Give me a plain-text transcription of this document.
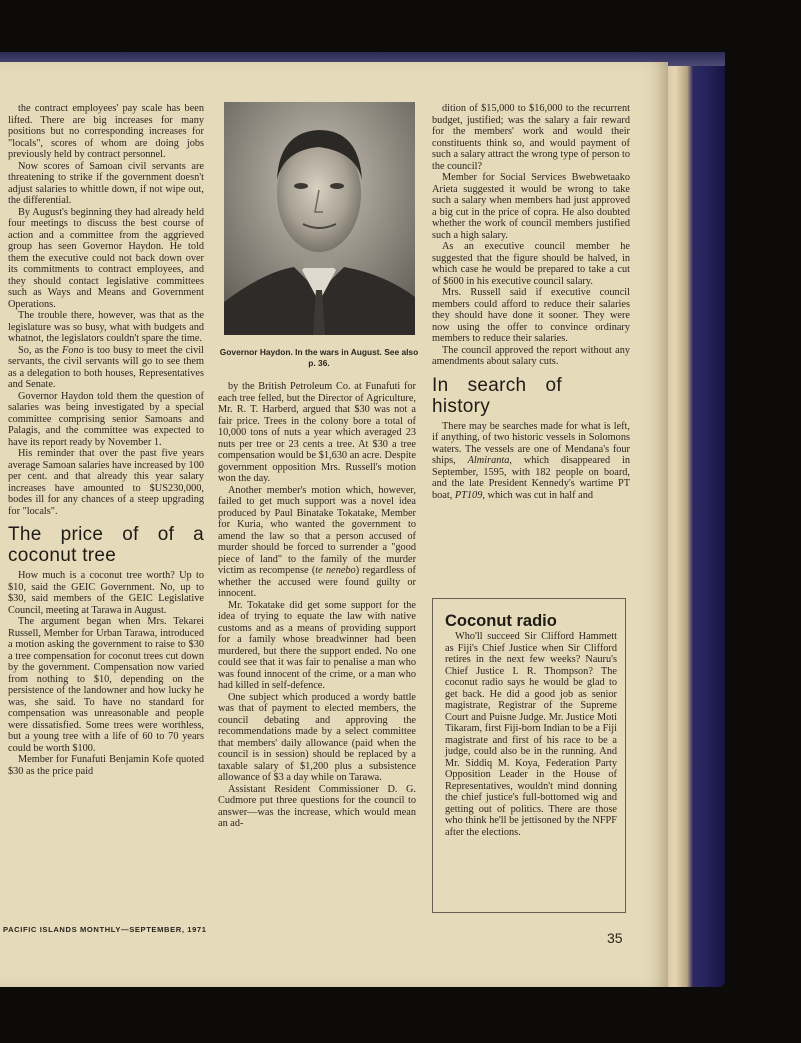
the contract employees' pay scale has been lifted. There are big increases for many positions but no corresponding increases for "locals", scores of whom are doing jobs previously held by contract personnel.

Now scores of Samoan civil servants are threatening to strike if the government doesn't adjust salaries to whittle down, if not wipe out, the differential.

By August's beginning they had already held four meetings to discuss the best course of action and a committee from the aggrieved group has seen Governor Haydon. He told them the executive could not back down over its commitments to contract employees, and they should contact legislative committees such as Ways and Means and Government Operations.

The trouble there, however, was that as the legislature was so busy, what with budgets and whatnot, the legislators couldn't spare the time.

So, as the Fono is too busy to meet the civil servants, the civil servants will go to see them as a delegation to both houses, Representatives and Senate.

Governor Haydon told them the question of salaries was being investigated by a special committee comprising senior Samoans and Palagis, and the committee was expected to have its report ready by November 1.

His reminder that over the past five years average Samoan salaries have increased by 100 per cent. and that already this year salary increases have amounted to $US230,000, bodes ill for any chances of a steep upgrading for "locals".

The price of of a coconut tree

How much is a coconut tree worth? Up to $10, said the GEIC Government. No, up to $30, said members of the GEIC Legislative Council, meeting at Tarawa in August.

The argument began when Mrs. Tekarei Russell, Member for Urban Tarawa, introduced a motion asking the government to raise to $30 a tree compensation for coconut trees cut down by the government. Compensation now varied from nothing to $10, depending on the persistence of the landowner and how lucky he was, she said. To have no standard for compensation was unreasonable and people were dissatisfied. Some trees were worthless, but a young tree with a life of 60 to 70 years could be worth $100.

Member for Funafuti Benjamin Kofe quoted $30 as the price paid

Governor Haydon. In the wars in August. See also p. 36.

by the British Petroleum Co. at Funafuti for each tree felled, but the Director of Agriculture, Mr. R. T. Harberd, argued that $30 was not a fair price. Trees in the colony bore a total of 10,000 tons of nuts a year which averaged 23 nuts per tree or 23 cents a tree. At $30 a tree compensation would be $1,630 an acre. Despite government opposition Mrs. Russell's motion won the day.

Another member's motion which, however, failed to get much support was a novel idea produced by Paul Binatake Tokatake, Member for Kuria, who wanted the government to amend the law so that a person accused of murder should be forced to surrender a "good piece of land" to the family of the murder victim as recompense (te nenebo) regardless of whether the accused were found guilty or innocent.

Mr. Tokatake did get some support for the idea of trying to equate the law with native customs and as a means of providing support for a family whose breadwinner had been murdered, but there the support ended. No one could see that it was fair to penalise a man who was found innocent of the crime, or a man who had killed in self-defence.

One subject which produced a wordy battle was that of payment to elected members, the council debating and approving the recommendations made by a select committee that members' daily allowance (paid when the council is in session) should be replaced by a taxable salary of $1,200 plus a subsistence allowance of $3 a day while on Tarawa.

Assistant Resident Commissioner D. G. Cudmore put three questions for the council to answer—was the increase, which would mean an ad-

dition of $15,000 to $16,000 to the recurrent budget, justified; was the salary a fair reward for the members' work and would their constituents think so, and would payment of such a salary attract the wrong type of person to the council?

Member for Social Services Bwebwetaako Arieta suggested it would be wrong to take such a salary when members had just approved a big cut in the price of copra. He also doubted whether the work of council members justified such a high salary.

As an executive council member he suggested that the figure should be halved, in which case he would be prepared to take a cut of $600 in his executive council salary.

Mrs. Russell said if executive council members could afford to reduce their salaries they should have done it sooner. They were now using the offer to convince ordinary members to reduce their salaries.

The council approved the report without any amendments about salary cuts.

In search of history

There may be searches made for what is left, if anything, of two historic vessels in Solomons waters. The vessels are one of Mendana's four ships, Almiranta, which disappeared in September, 1595, with 182 people on board, and the late President Kennedy's wartime PT boat, PT109, which was cut in half and

Coconut radio

Who'll succeed Sir Clifford Hammett as Fiji's Chief Justice when Sir Clifford retires in the next few weeks? Nauru's Chief Justice I. R. Thompson? The coconut radio says he would be glad to get back. He did a good job as senior magistrate, Registrar of the Supreme Court and Puisne Judge. Mr. Justice Moti Tikaram, first Fiji-born Indian to be a Fiji magistrate and first of his race to be a judge, could also be in the running. And Mr. Siddiq M. Koya, Federation Party Opposition Leader in the House of Representatives, wouldn't mind donning the chief justice's full-bottomed wig and getting out of politics. There are those who think he'll be jettisoned by the NFPF after the elections.

PACIFIC ISLANDS MONTHLY—SEPTEMBER, 1971
35
